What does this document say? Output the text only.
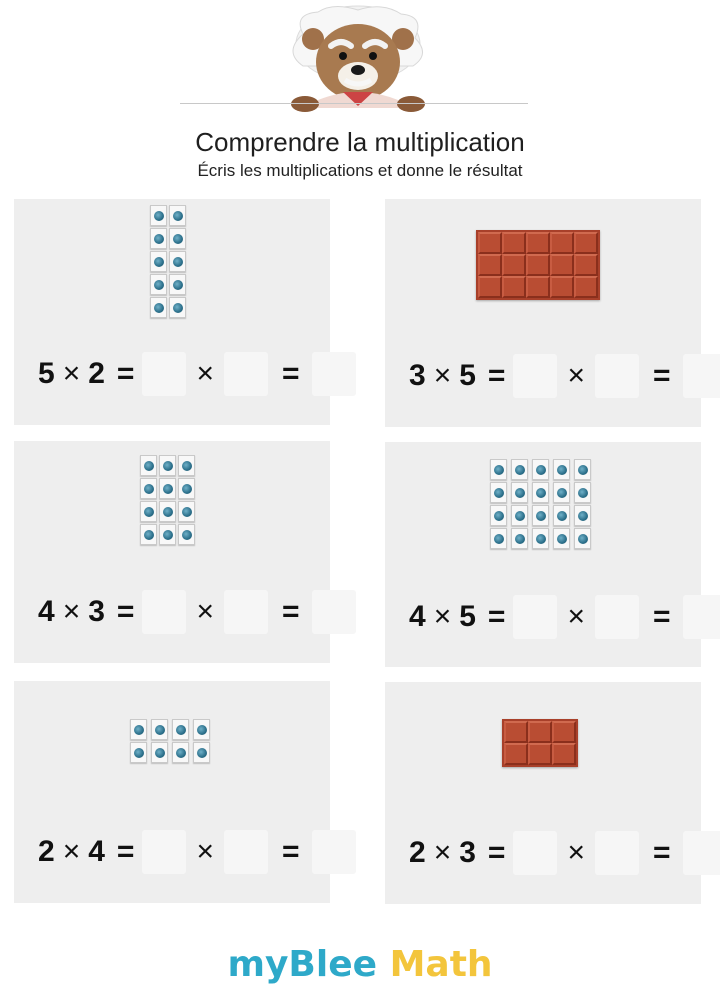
Comprendre la multiplication
Écris les multiplications et donne le résultat
5 × 2 = × =	3 × 5 = × =
4 × 3 = × =	4 × 5 = × =
2 × 4 = × =	2 × 3 = × =
myBlee Math
